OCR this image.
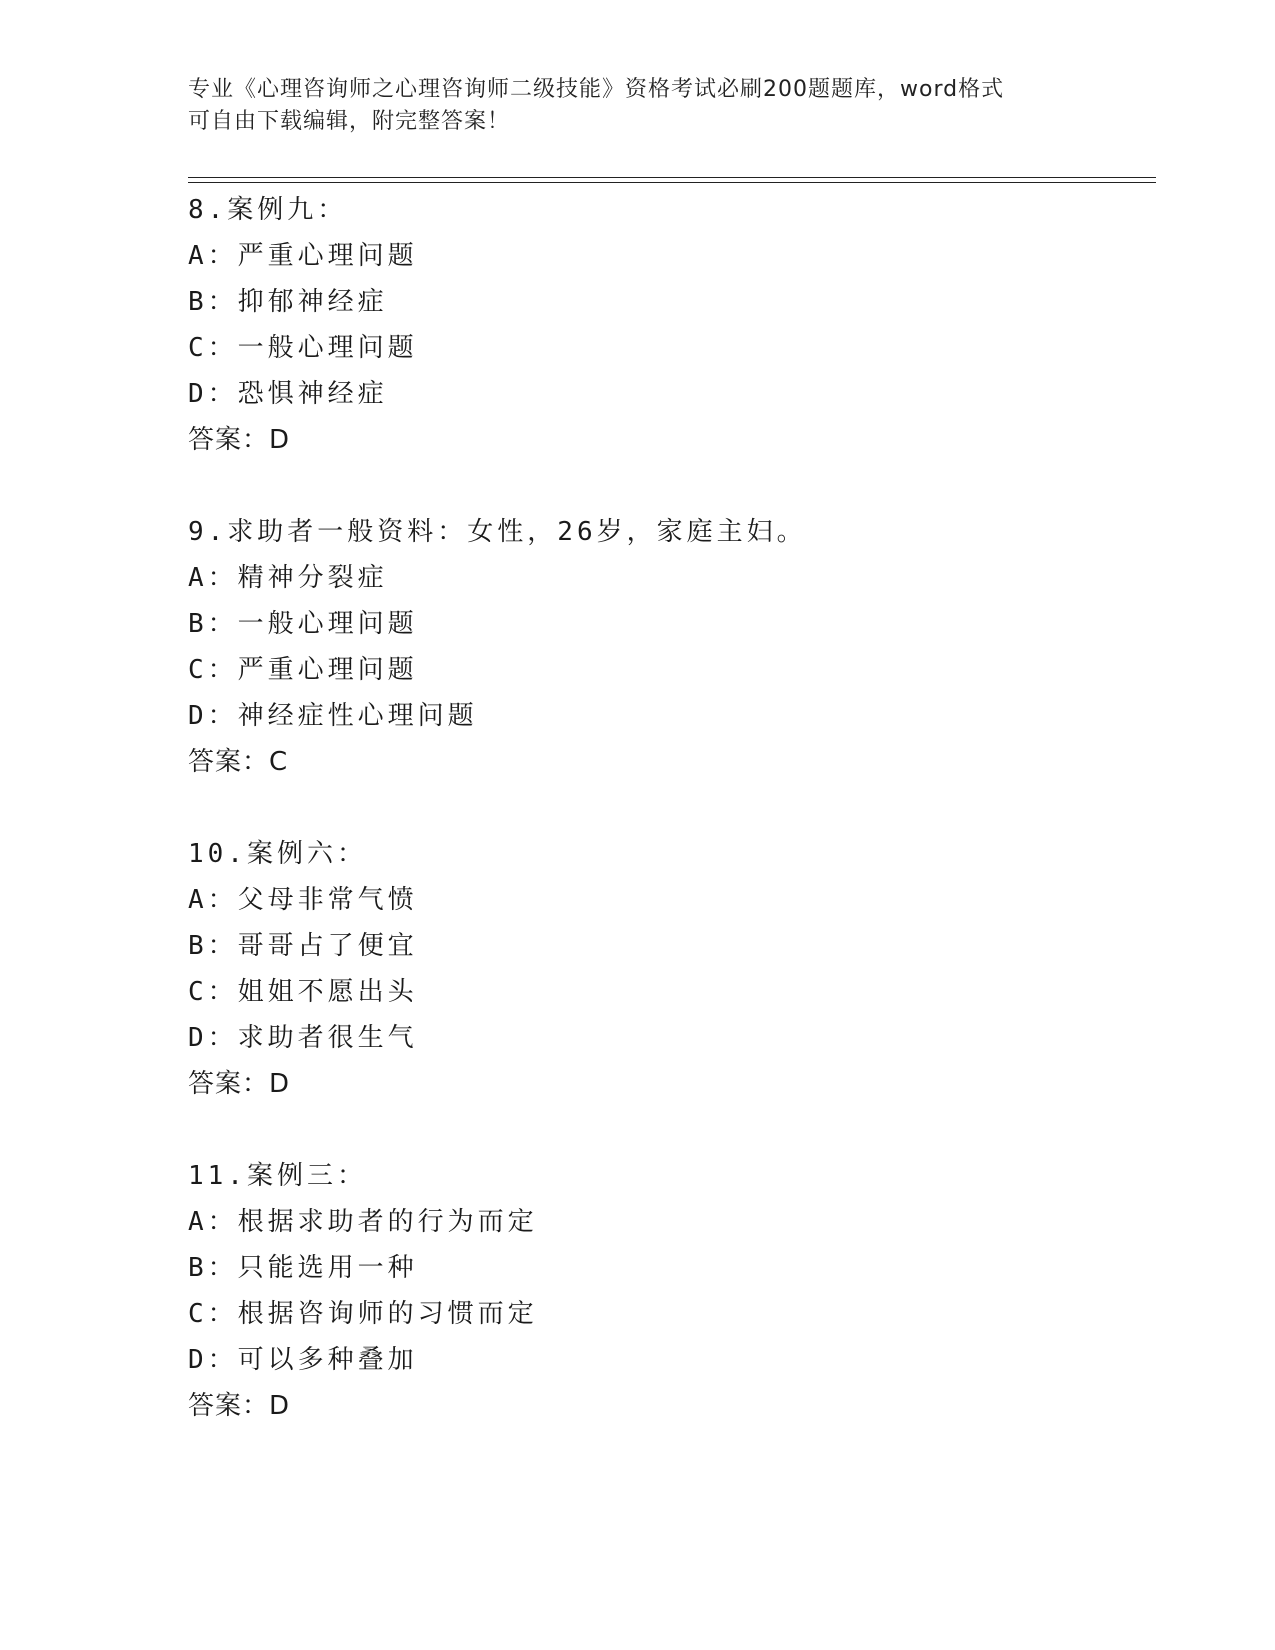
专业《心理咨询师之心理咨询师二级技能》资格考试必刷200题题库，word格式
可自由下载编辑，附完整答案！
8.案例九：
A：严重心理问题
B：抑郁神经症
C：一般心理问题
D：恐惧神经症
答案：D
9.求助者一般资料：女性，26岁，家庭主妇。
A：精神分裂症
B：一般心理问题
C：严重心理问题
D：神经症性心理问题
答案：C
10.案例六：
A：父母非常气愤
B：哥哥占了便宜
C：姐姐不愿出头
D：求助者很生气
答案：D
11.案例三：
A：根据求助者的行为而定
B：只能选用一种
C：根据咨询师的习惯而定
D：可以多种叠加
答案：D
